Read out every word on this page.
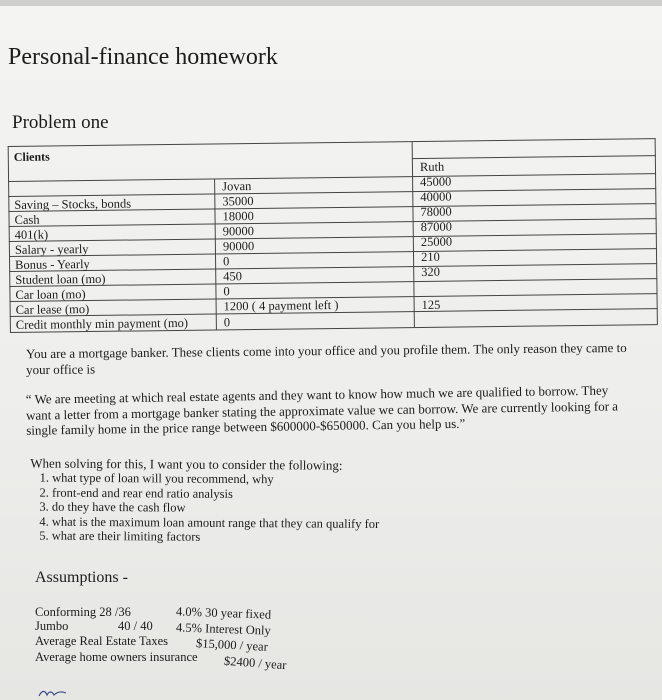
Personal-finance homework
Problem one
Clients
Jovan
Ruth
Saving – Stocks, bonds
Cash
401(k)
Salary - yearly
Bonus - Yearly
Student loan (mo)
Car loan (mo)
Car lease (mo)
Credit monthly min payment (mo)
35000
18000
90000
90000
0
450
0
1200 ( 4 payment left )
0
45000
40000
78000
87000
25000
210
320
125
You are a mortgage banker. These clients come into your office and you profile them. The only reason they came to your office is
“ We are meeting at which real estate agents and they want to know how much we are qualified to borrow. They want a letter from a mortgage banker stating the approximate value we can borrow. We are currently looking for a single family home in the price range between $600000-$650000. Can you help us.”
When solving for this, I want you to consider the following:
1. what type of loan will you recommend, why
2. front-end and rear end ratio analysis
3. do they have the cash flow
4. what is the maximum loan amount range that they can qualify for
5. what are their limiting factors
Assumptions -
Conforming 28 /36	4.0% 30 year fixed
Jumbo	40 / 40 4.5% Interest Only
Average Real Estate Taxes $15,000 / year
Average home owners insurance $2400 / year
